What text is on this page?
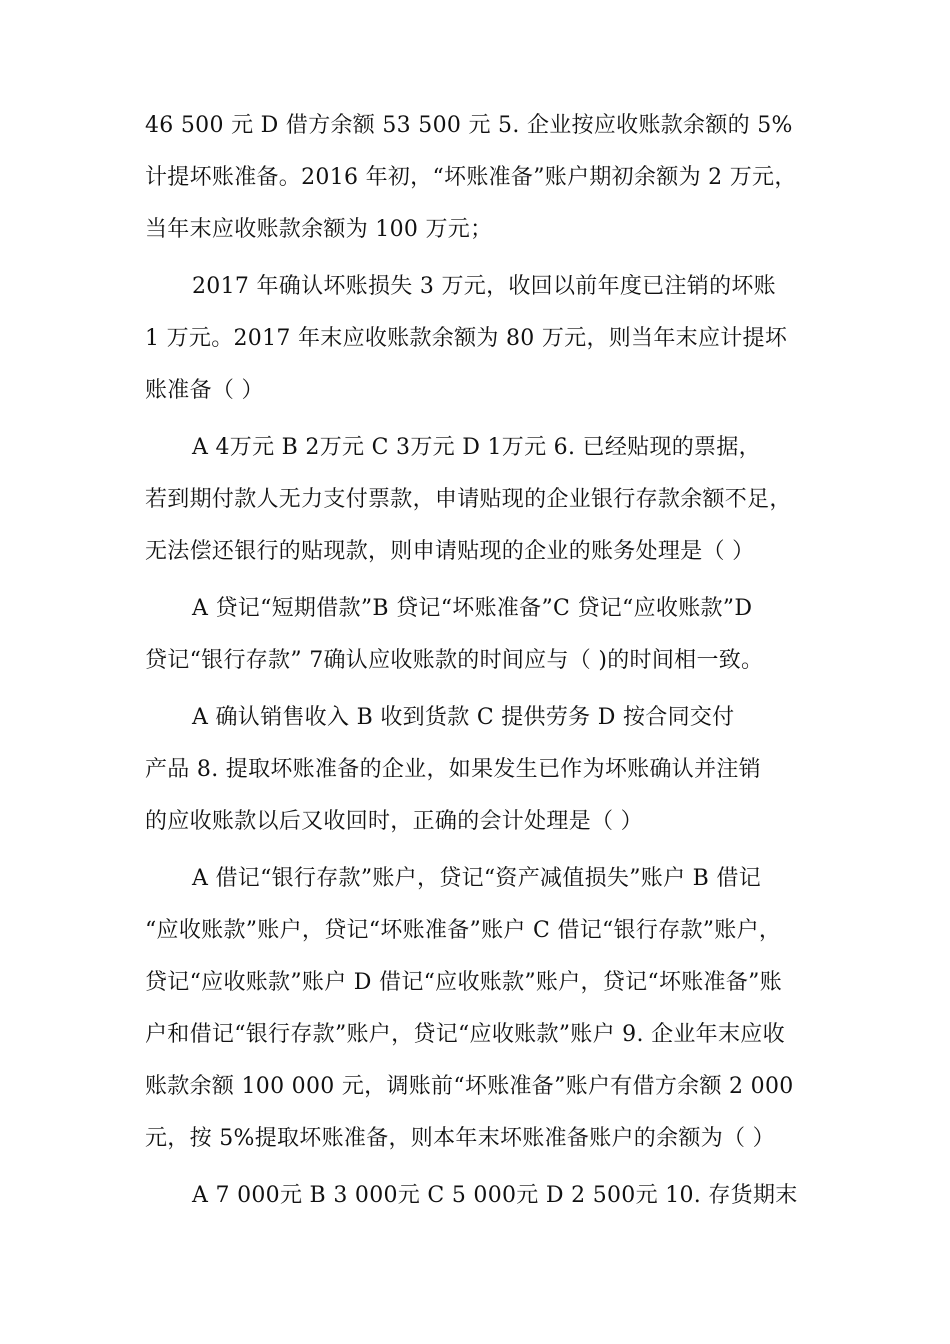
46 500 元 D 借方余额 53 500 元 5. 企业按应收账款余额的 5%
计提坏账准备。2016 年初，“坏账准备”账户期初余额为 2 万元，
当年末应收账款余额为 100 万元；
2017 年确认坏账损失 3 万元，收回以前年度已注销的坏账
1 万元。2017 年末应收账款余额为 80 万元，则当年末应计提坏
账准备（ ）
A 4万元 B 2万元 C 3万元 D 1万元 6. 已经贴现的票据，
若到期付款人无力支付票款，申请贴现的企业银行存款余额不足，
无法偿还银行的贴现款，则申请贴现的企业的账务处理是（ ）
A 贷记“短期借款”B 贷记“坏账准备”C 贷记“应收账款”D
贷记“银行存款” 7确认应收账款的时间应与（ )的时间相一致。
A 确认销售收入 B 收到货款 C 提供劳务 D 按合同交付
产品 8. 提取坏账准备的企业，如果发生已作为坏账确认并注销
的应收账款以后又收回时，正确的会计处理是（ ）
A 借记“银行存款”账户，贷记“资产减值损失”账户 B 借记
“应收账款”账户，贷记“坏账准备”账户 C 借记“银行存款”账户，
贷记“应收账款”账户 D 借记“应收账款”账户，贷记“坏账准备”账
户和借记“银行存款”账户，贷记“应收账款”账户 9. 企业年末应收
账款余额 100 000 元，调账前“坏账准备”账户有借方余额 2 000
元，按 5%提取坏账准备，则本年末坏账准备账户的余额为（ ）
A 7 000元 B 3 000元 C 5 000元 D 2 500元 10. 存货期末
